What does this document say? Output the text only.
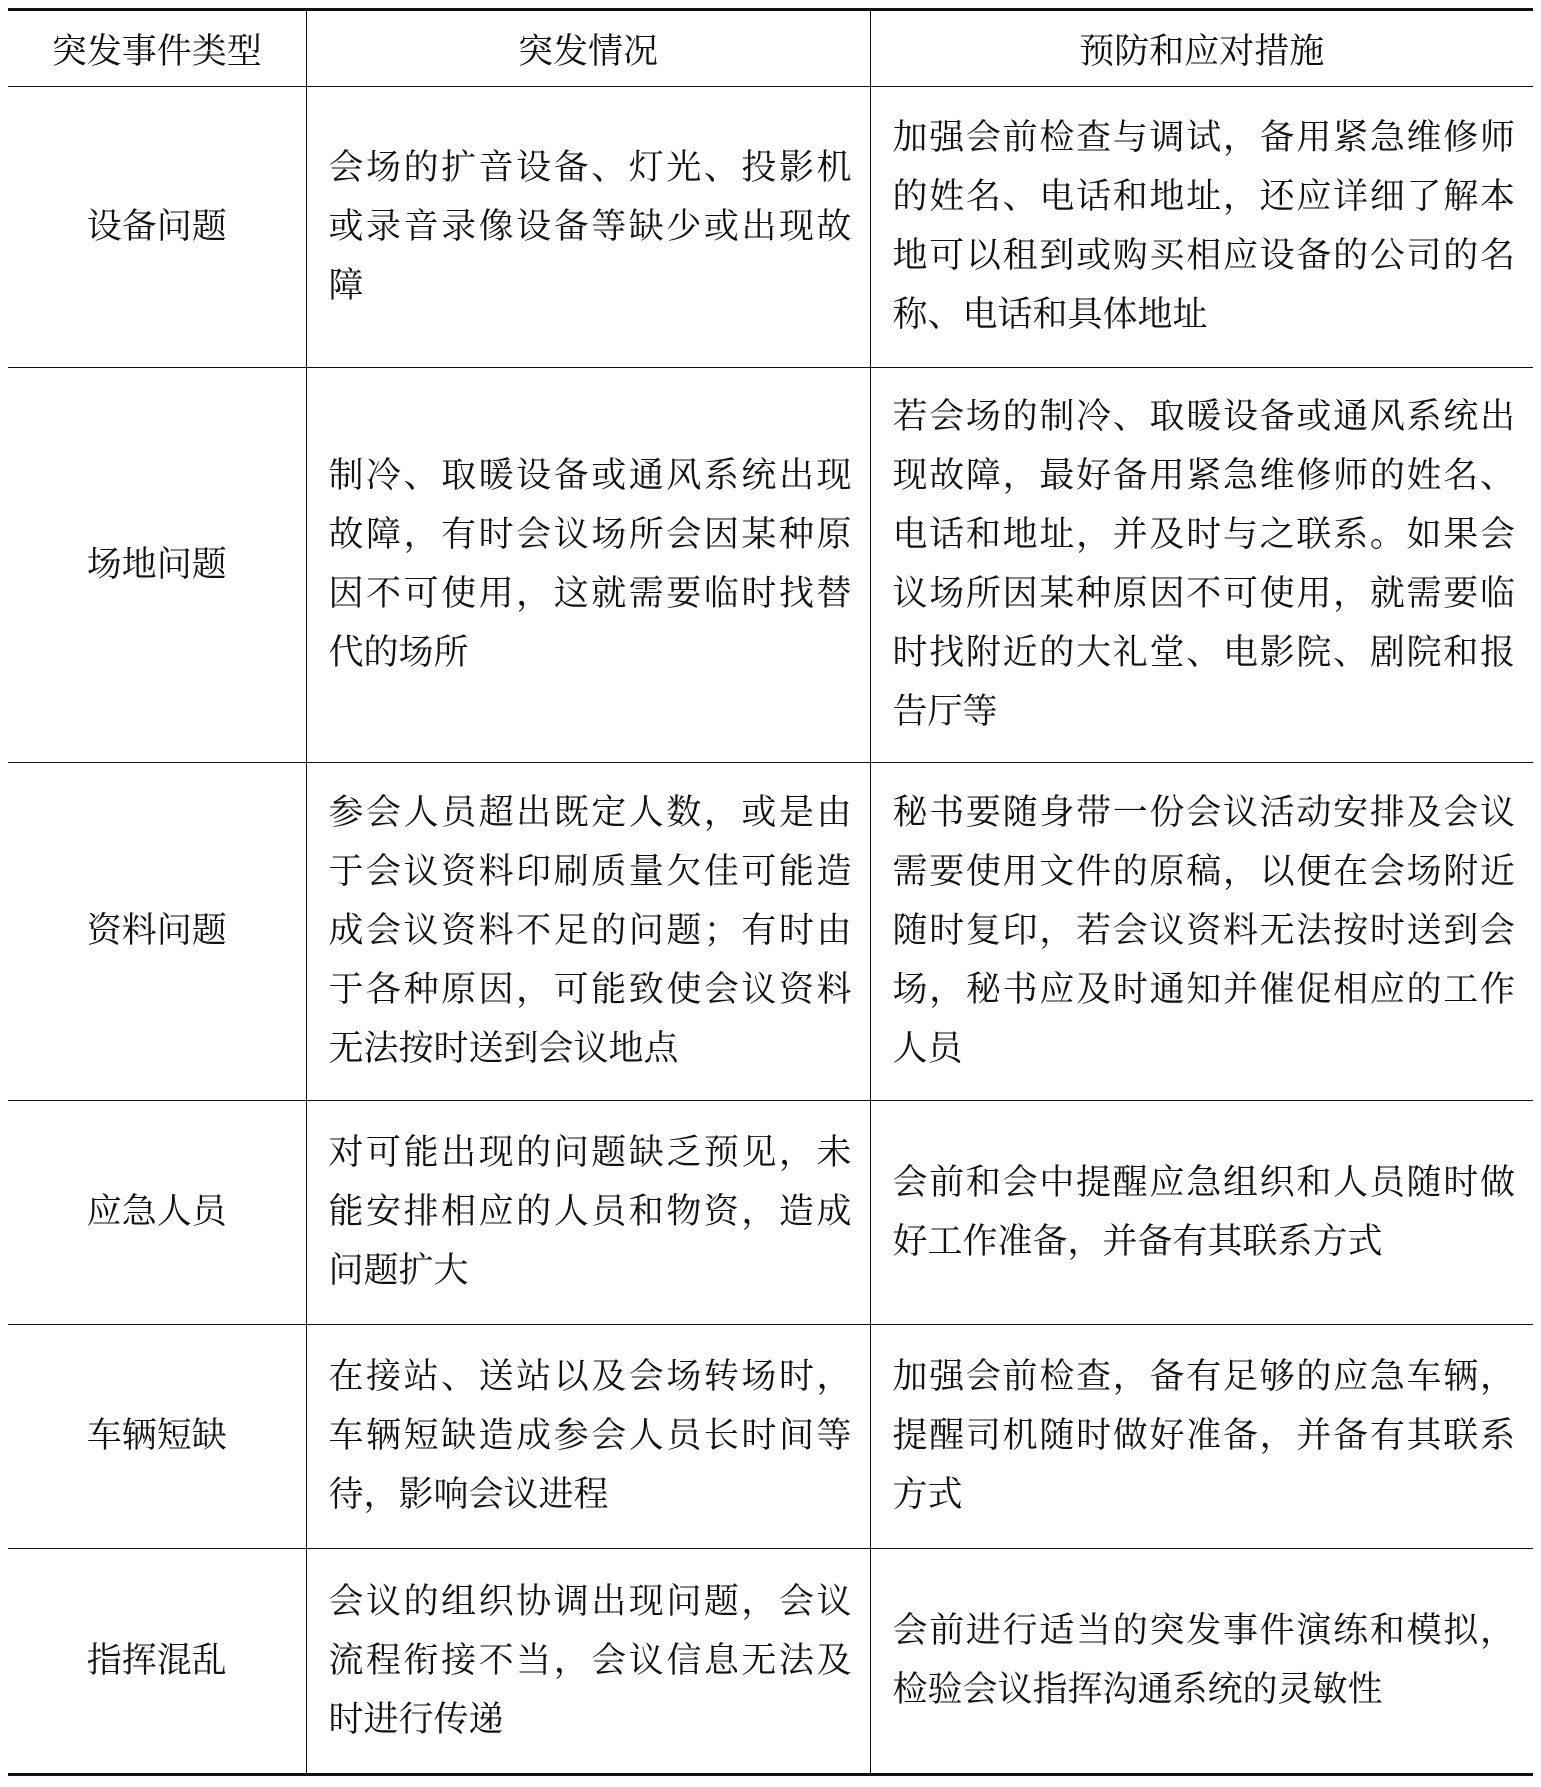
突发事件类型	突发情况	预防和应对措施
设备问题	会场的扩音设备、灯光、投影机或录音录像设备等缺少或出现故障	加强会前检查与调试，备用紧急维修师的姓名、电话和地址，还应详细了解本地可以租到或购买相应设备的公司的名称、电话和具体地址
场地问题	制冷、取暖设备或通风系统出现故障，有时会议场所会因某种原因不可使用，这就需要临时找替代的场所	若会场的制冷、取暖设备或通风系统出现故障，最好备用紧急维修师的姓名、电话和地址，并及时与之联系。如果会议场所因某种原因不可使用，就需要临时找附近的大礼堂、电影院、剧院和报告厅等
资料问题	参会人员超出既定人数，或是由于会议资料印刷质量欠佳可能造成会议资料不足的问题；有时由于各种原因，可能致使会议资料无法按时送到会议地点	秘书要随身带一份会议活动安排及会议需要使用文件的原稿，以便在会场附近随时复印，若会议资料无法按时送到会场，秘书应及时通知并催促相应的工作人员
应急人员	对可能出现的问题缺乏预见，未能安排相应的人员和物资，造成问题扩大	会前和会中提醒应急组织和人员随时做好工作准备，并备有其联系方式
车辆短缺	在接站、送站以及会场转场时，车辆短缺造成参会人员长时间等待，影响会议进程	加强会前检查，备有足够的应急车辆，提醒司机随时做好准备，并备有其联系方式
指挥混乱	会议的组织协调出现问题，会议流程衔接不当，会议信息无法及时进行传递	会前进行适当的突发事件演练和模拟，检验会议指挥沟通系统的灵敏性
